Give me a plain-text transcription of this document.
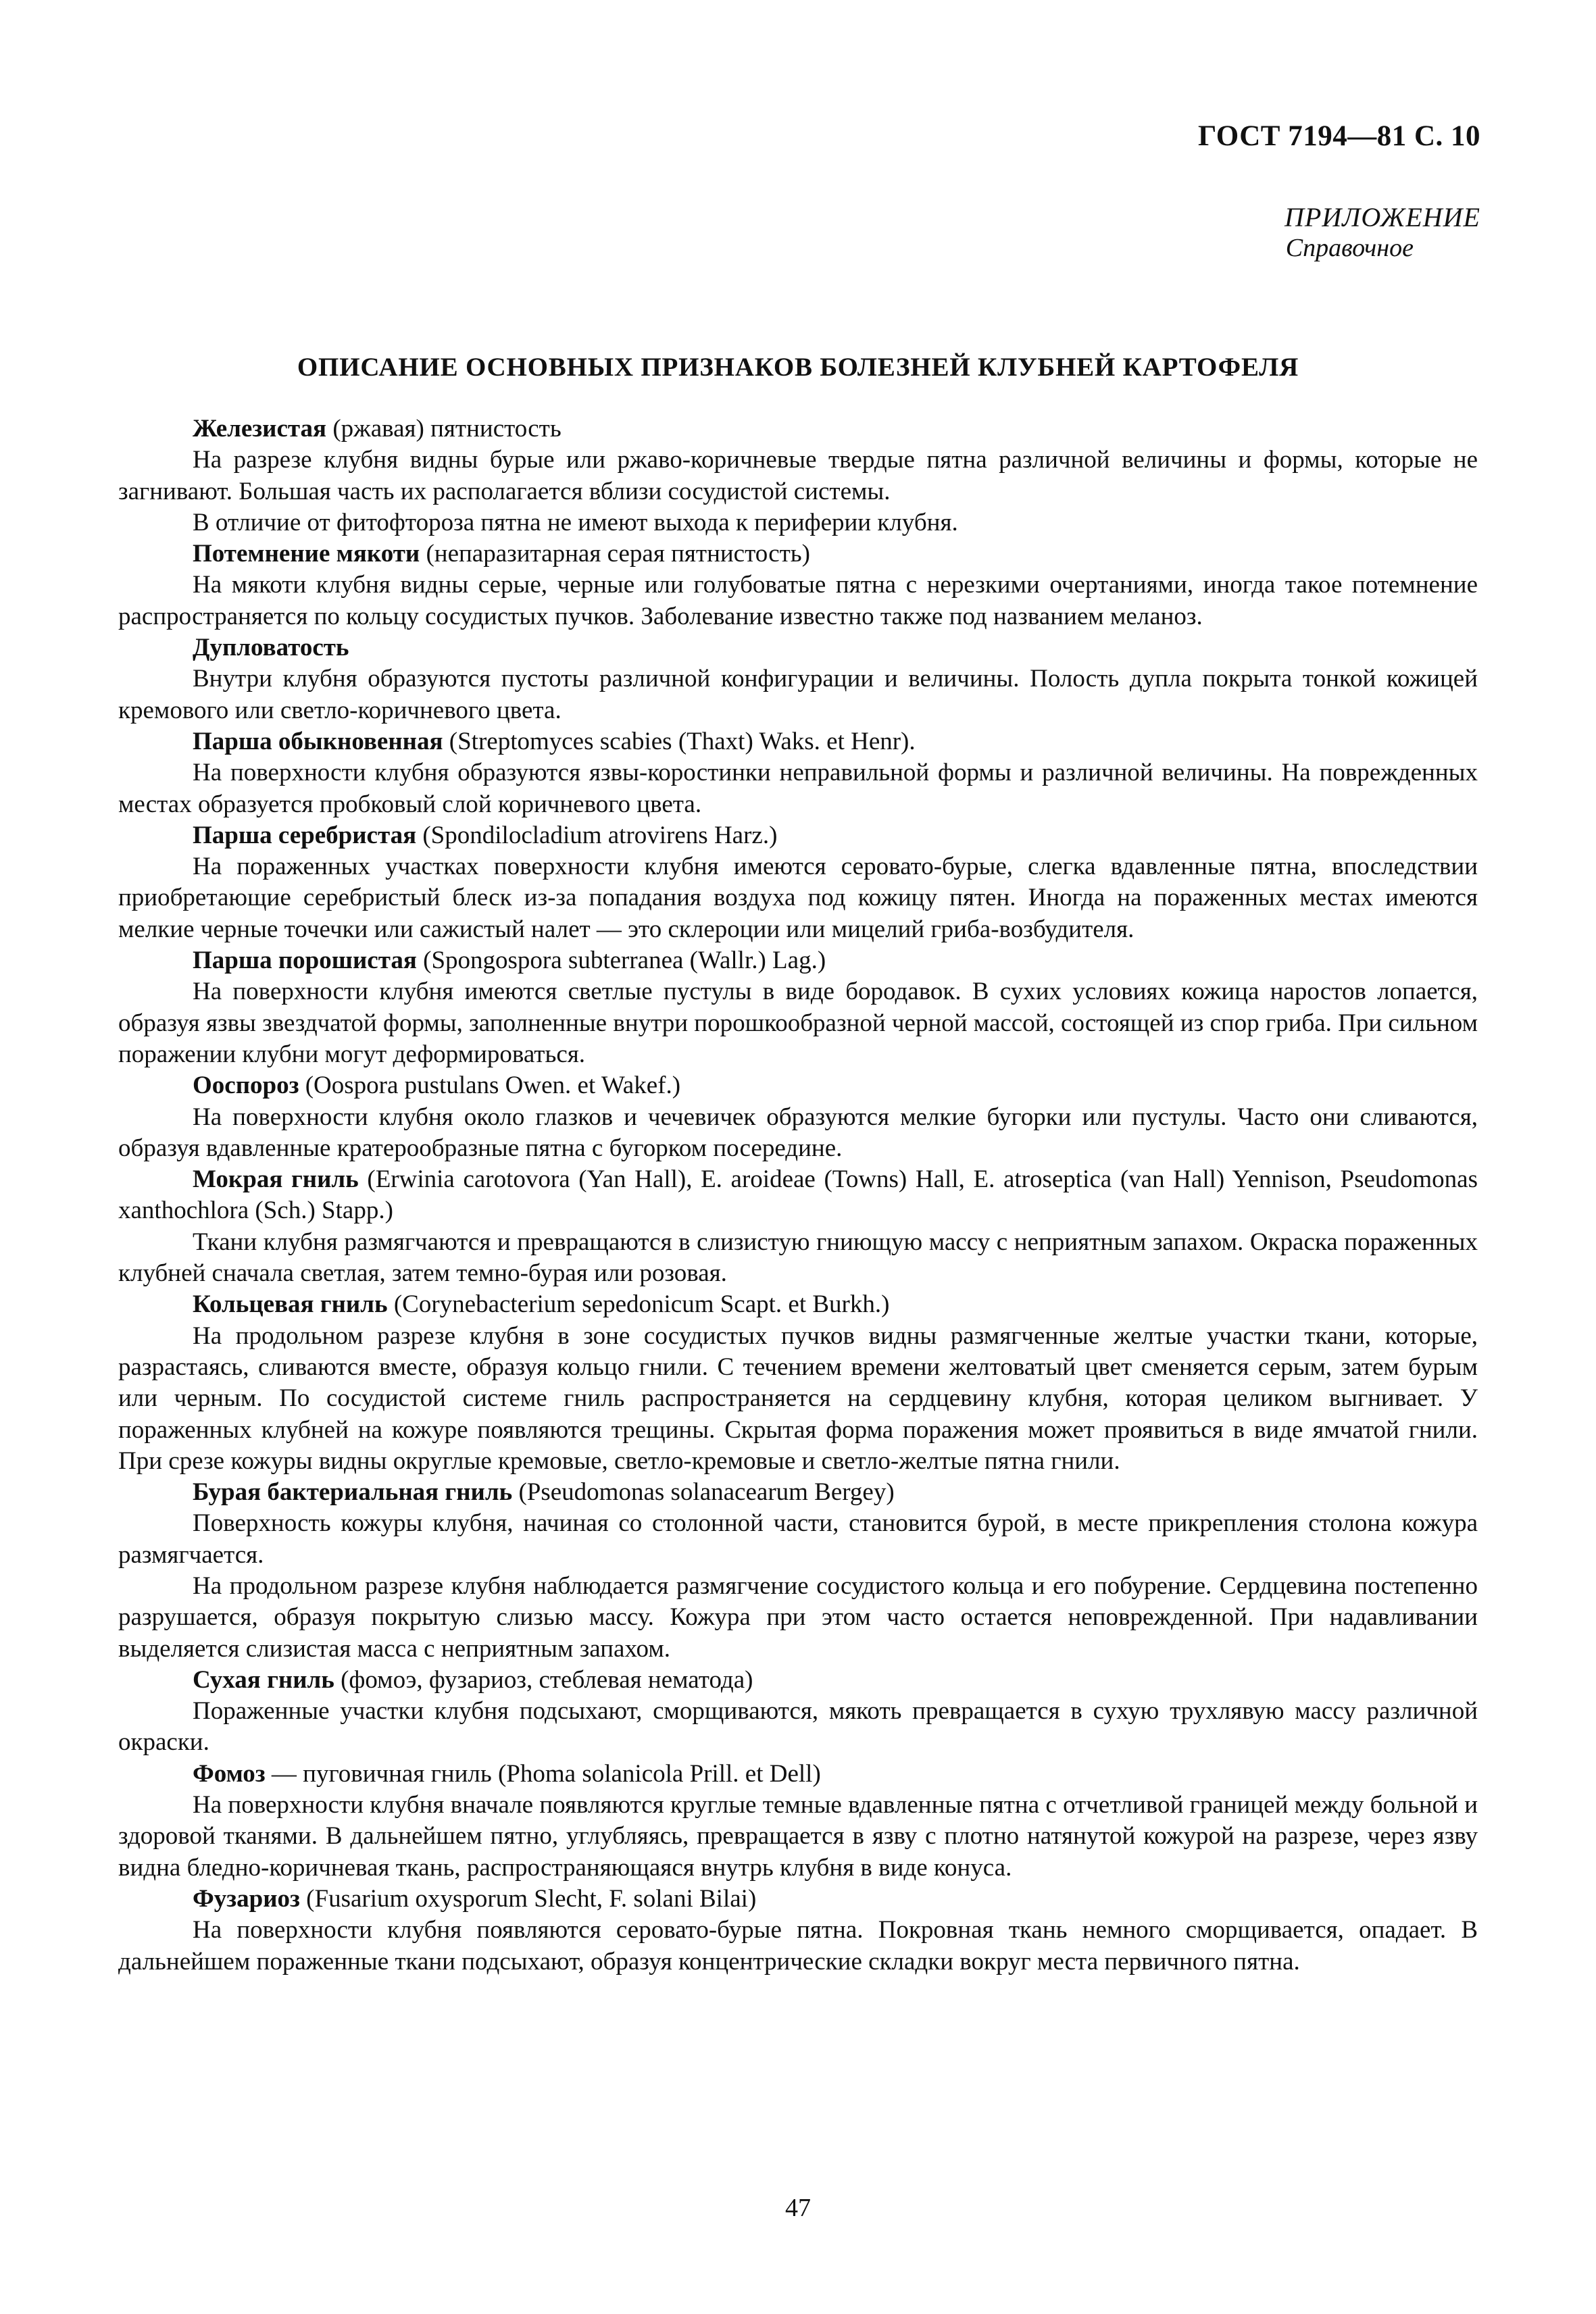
ГОСТ 7194—81 С. 10
ПРИЛОЖЕНИЕ
Справочное
ОПИСАНИЕ ОСНОВНЫХ ПРИЗНАКОВ БОЛЕЗНЕЙ КЛУБНЕЙ КАРТОФЕЛЯ

Железистая (ржавая) пятнистость

На разрезе клубня видны бурые или ржаво-коричневые твердые пятна различной величины и формы, которые не загнивают. Большая часть их располагается вблизи сосудистой системы.

В отличие от фитофтороза пятна не имеют выхода к периферии клубня.

Потемнение мякоти (непаразитарная серая пятнистость)

На мякоти клубня видны серые, черные или голубоватые пятна с нерезкими очертаниями, иногда такое потемнение распространяется по кольцу сосудистых пучков. Заболевание известно также под названием меланоз.

Дупловатость

Внутри клубня образуются пустоты различной конфигурации и величины. Полость дупла покрыта тонкой кожицей кремового или светло-коричневого цвета.

Парша обыкновенная (Streptomyces scabies (Thaxt) Waks. et Henr).

На поверхности клубня образуются язвы-коростинки неправильной формы и различной величины. На поврежденных местах образуется пробковый слой коричневого цвета.

Парша серебристая (Spondilocladium atrovirens Harz.)

На пораженных участках поверхности клубня имеются серовато-бурые, слегка вдавленные пятна, впоследствии приобретающие серебристый блеск из-за попадания воздуха под кожицу пятен. Иногда на пораженных местах имеются мелкие черные точечки или сажистый налет — это склероции или мицелий гриба-возбудителя.

Парша порошистая (Spongospora subterranea (Wallr.) Lag.)

На поверхности клубня имеются светлые пустулы в виде бородавок. В сухих условиях кожица наростов лопается, образуя язвы звездчатой формы, заполненные внутри порошкообразной черной массой, состоящей из спор гриба. При сильном поражении клубни могут деформироваться.

Ооспороз (Oospora pustulans Owen. et Wakef.)

На поверхности клубня около глазков и чечевичек образуются мелкие бугорки или пустулы. Часто они сливаются, образуя вдавленные кратерообразные пятна с бугорком посередине.

Мокрая гниль (Erwinia carotovora (Yan Hall), E. aroideae (Towns) Hall, E. atroseptica (van Hall) Yennison, Pseudomonas xanthochlora (Sch.) Stapp.)

Ткани клубня размягчаются и превращаются в слизистую гниющую массу с неприятным запахом. Окраска пораженных клубней сначала светлая, затем темно-бурая или розовая.

Кольцевая гниль (Corynebacterium sepedonicum Scapt. et Burkh.)

На продольном разрезе клубня в зоне сосудистых пучков видны размягченные желтые участки ткани, которые, разрастаясь, сливаются вместе, образуя кольцо гнили. С течением времени желтоватый цвет сменяется серым, затем бурым или черным. По сосудистой системе гниль распространяется на сердцевину клубня, которая целиком выгнивает. У пораженных клубней на кожуре появляются трещины. Скрытая форма поражения может проявиться в виде ямчатой гнили. При срезе кожуры видны округлые кремовые, светло-кремовые и светло-желтые пятна гнили.

Бурая бактериальная гниль (Pseudomonas solanacearum Bergey)

Поверхность кожуры клубня, начиная со столонной части, становится бурой, в месте прикрепления столона кожура размягчается.

На продольном разрезе клубня наблюдается размягчение сосудистого кольца и его побурение. Сердцевина постепенно разрушается, образуя покрытую слизью массу. Кожура при этом часто остается неповрежденной. При надавливании выделяется слизистая масса с неприятным запахом.

Сухая гниль (фомоэ, фузариоз, стеблевая нематода)

Пораженные участки клубня подсыхают, сморщиваются, мякоть превращается в сухую трухлявую массу различной окраски.

Фомоз — пуговичная гниль (Phoma solanicola Prill. et Dell)

На поверхности клубня вначале появляются круглые темные вдавленные пятна с отчетливой границей между больной и здоровой тканями. В дальнейшем пятно, углубляясь, превращается в язву с плотно натянутой кожурой на разрезе, через язву видна бледно-коричневая ткань, распространяющаяся внутрь клубня в виде конуса.

Фузариоз (Fusarium oxysporum Slecht, F. solani Bilai)

На поверхности клубня появляются серовато-бурые пятна. Покровная ткань немного сморщивается, опадает. В дальнейшем пораженные ткани подсыхают, образуя концентрические складки вокруг места первичного пятна.

47
